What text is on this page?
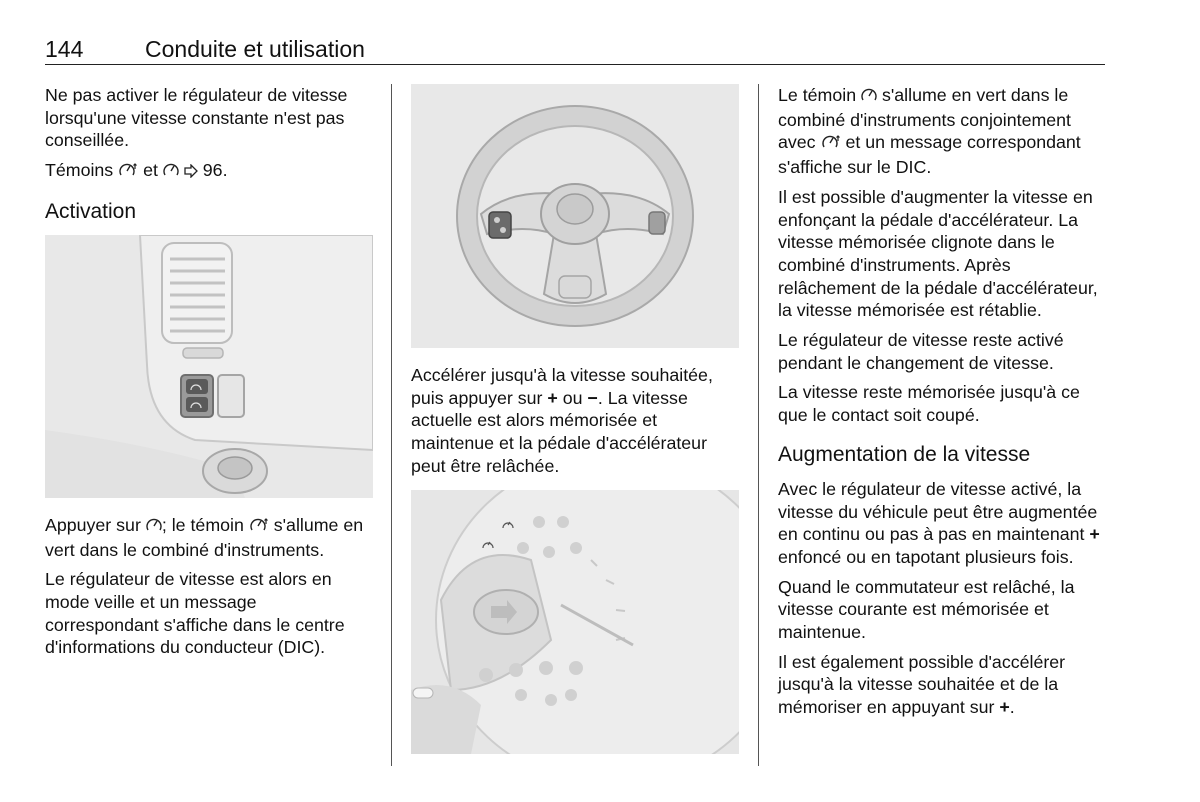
144	Conduite et utilisation

Ne pas activer le régulateur de vitesse lorsqu'une vitesse constante n'est pas conseillée.

Témoins et	96.

Activation

Appuyer sur ; le témoin s'allume en vert dans le combiné d'instruments.

Le régulateur de vitesse est alors en mode veille et un message correspondant s'affiche dans le centre d'informations du conducteur (DIC).

Accélérer jusqu'à la vitesse souhaitée, puis appuyer sur + ou −. La vitesse actuelle est alors mémorisée et maintenue et la pédale d'accélérateur peut être relâchée.

Le témoin s'allume en vert dans le combiné d'instruments conjointement avec et un message correspondant s'affiche sur le DIC.

Il est possible d'augmenter la vitesse en enfonçant la pédale d'accélérateur. La vitesse mémorisée clignote dans le combiné d'instruments. Après relâchement de la pédale d'accélérateur, la vitesse mémorisée est rétablie.

Le régulateur de vitesse reste activé pendant le changement de vitesse.

La vitesse reste mémorisée jusqu'à ce que le contact soit coupé.

Augmentation de la vitesse

Avec le régulateur de vitesse activé, la vitesse du véhicule peut être augmentée en continu ou pas à pas en maintenant + enfoncé ou en tapotant plusieurs fois.

Quand le commutateur est relâché, la vitesse courante est mémorisée et maintenue.

Il est également possible d'accélérer jusqu'à la vitesse souhaitée et de la mémoriser en appuyant sur +.
